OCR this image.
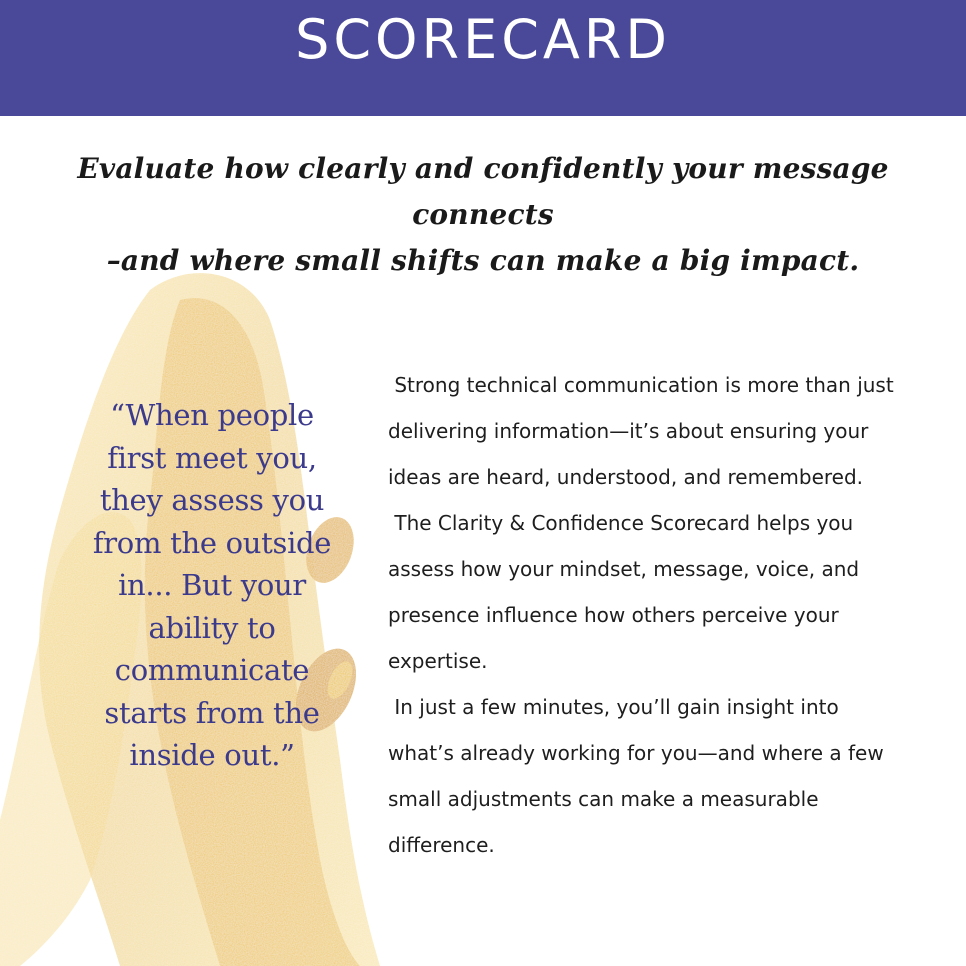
SCORECARD
Evaluate how clearly and confidently your message connects
–and where small shifts can make a big impact.
“When people first meet you, they assess you from the outside in... But your ability to communicate starts from the inside out.”

Strong technical communication is more than just delivering information—it’s about ensuring your ideas are heard, understood, and remembered.

The Clarity & Confidence Scorecard helps you assess how your mindset, message, voice, and presence influence how others perceive your expertise.

In just a few minutes, you’ll gain insight into what’s already working for you—and where a few small adjustments can make a measurable difference.
